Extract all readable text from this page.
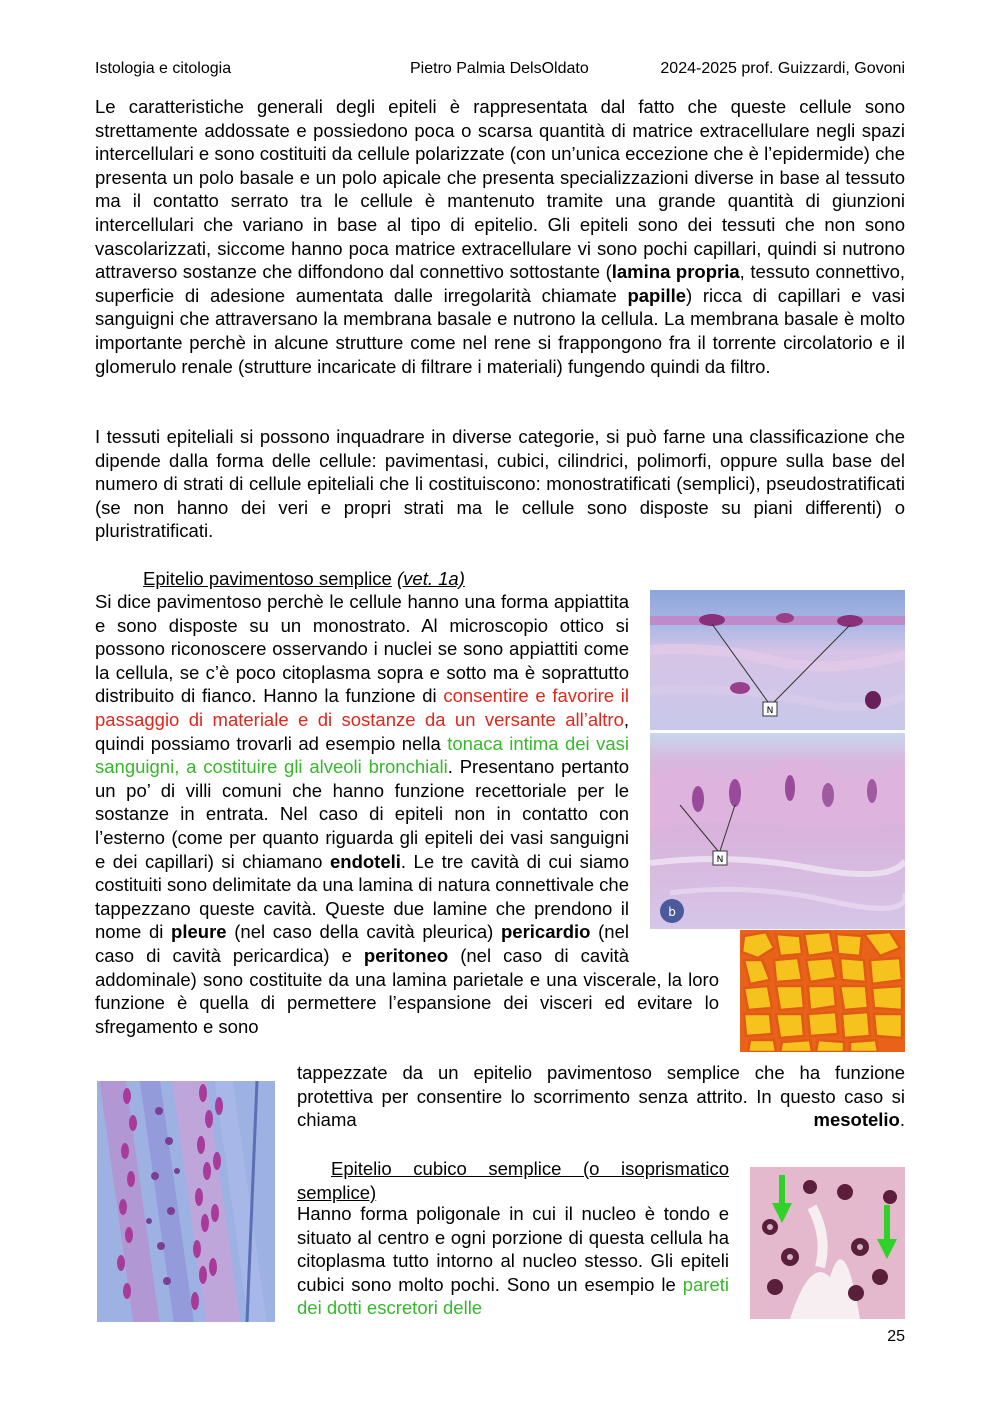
Istologia e citologia	Pietro Palmia DelsOldato	2024-2025 prof. Guizzardi, Govoni

Le caratteristiche generali degli epiteli è rappresentata dal fatto che queste cellule sono strettamente addossate e possiedono poca o scarsa quantità di matrice extracellulare negli spazi intercellulari e sono costituiti da cellule polarizzate (con un’unica eccezione che è l’epidermide) che presenta un polo basale e un polo apicale che presenta specializzazioni diverse in base al tessuto ma il contatto serrato tra le cellule è mantenuto tramite una grande quantità di giunzioni intercellulari che variano in base al tipo di epitelio. Gli epiteli sono dei tessuti che non sono vascolarizzati, siccome hanno poca matrice extracellulare vi sono pochi capillari, quindi si nutrono attraverso sostanze che diffondono dal connettivo sottostante (lamina propria, tessuto connettivo, superficie di adesione aumentata dalle irregolarità chiamate papille) ricca di capillari e vasi sanguigni che attraversano la membrana basale e nutrono la cellula. La membrana basale è molto importante perchè in alcune strutture come nel rene si frappongono fra il torrente circolatorio e il glomerulo renale (strutture incaricate di filtrare i materiali) fungendo quindi da filtro.

I tessuti epiteliali si possono inquadrare in diverse categorie, si può farne una classificazione che dipende dalla forma delle cellule: pavimentasi, cubici, cilindrici, polimorfi, oppure sulla base del numero di strati di cellule epiteliali che li costituiscono: monostratificati (semplici), pseudostratificati (se non hanno dei veri e propri strati ma le cellule sono disposte su piani differenti) o pluristratificati.

Epitelio pavimentoso semplice (vet. 1a)

Si dice pavimentoso perchè le cellule hanno una forma appiattita e sono disposte su un monostrato. Al microscopio ottico si possono riconoscere osservando i nuclei se sono appiattiti come la cellula, se c’è poco citoplasma sopra e sotto ma è soprattutto distribuito di fianco. Hanno la funzione di consentire e favorire il passaggio di materiale e di sostanze da un versante all’altro, quindi possiamo trovarli ad esempio nella tonaca intima dei vasi sanguigni, a costituire gli alveoli bronchiali. Presentano pertanto un po’ di villi comuni che hanno funzione recettoriale per le sostanze in entrata. Nel caso di epiteli non in contatto con l’esterno (come per quanto riguarda gli epiteli dei vasi sanguigni e dei capillari) si chiamano endoteli. Le tre cavità di cui siamo costituiti sono delimitate da una lamina di natura connettivale che tappezzano queste cavità. Queste due lamine che prendono il nome di pleure (nel caso della cavità pleurica) pericardio (nel caso di cavità pericardica) e peritoneo (nel caso di cavità addominale) sono costituite da una lamina parietale e una viscerale, la loro funzione è quella di permettere l’espansione dei visceri ed evitare lo sfregamento e sono

tappezzate da un epitelio pavimentoso semplice che ha funzione protettiva per consentire lo scorrimento senza attrito. In questo caso si chiama mesotelio.

Epitelio cubico semplice (o isoprismatico semplice)

Hanno forma poligonale in cui il nucleo è tondo e situato al centro e ogni porzione di questa cellula ha citoplasma tutto intorno al nucleo stesso. Gli epiteli cubici sono molto pochi. Sono un esempio le pareti dei dotti escretori delle

N
N
b
25
